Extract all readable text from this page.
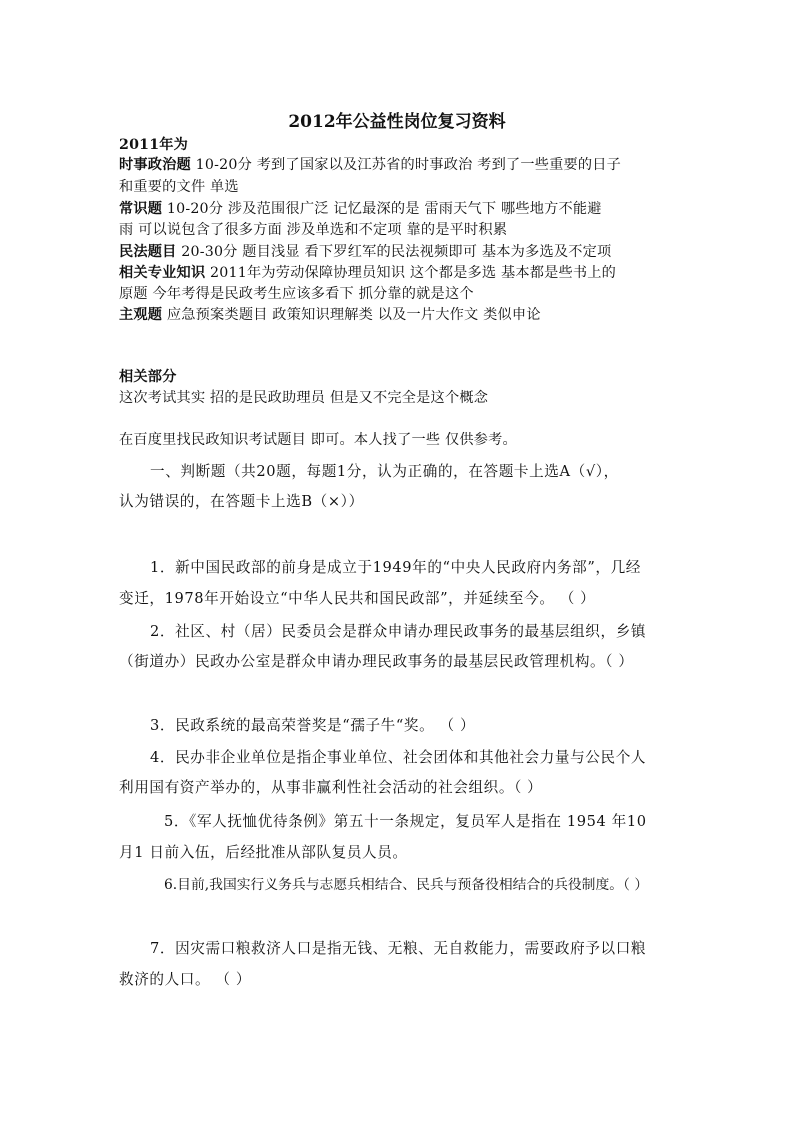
2012年公益性岗位复习资料
2011年为
时事政治题 10-20分 考到了国家以及江苏省的时事政治 考到了一些重要的日子
和重要的文件 单选
常识题 10-20分 涉及范围很广泛 记忆最深的是 雷雨天气下 哪些地方不能避
雨 可以说包含了很多方面 涉及单选和不定项 靠的是平时积累
民法题目 20-30分 题目浅显 看下罗红军的民法视频即可 基本为多选及不定项
相关专业知识 2011年为劳动保障协理员知识 这个都是多选 基本都是些书上的
原题 今年考得是民政考生应该多看下 抓分靠的就是这个
主观题 应急预案类题目 政策知识理解类 以及一片大作文 类似申论
相关部分
这次考试其实 招的是民政助理员 但是又不完全是这个概念
在百度里找民政知识考试题目 即可。本人找了一些 仅供参考。
一、判断题（共20题，每题1分，认为正确的，在答题卡上选A（√），
认为错误的，在答题卡上选B（×））
1．新中国民政部的前身是成立于1949年的“中央人民政府内务部”，几经
变迁，1978年开始设立“中华人民共和国民政部”，并延续至今。 （ ）
2．社区、村（居）民委员会是群众申请办理民政事务的最基层组织，乡镇
（街道办）民政办公室是群众申请办理民政事务的最基层民政管理机构。（ ）
3．民政系统的最高荣誉奖是“孺子牛“奖。 （ ）
4．民办非企业单位是指企事业单位、社会团体和其他社会力量与公民个人
利用国有资产举办的，从事非赢利性社会活动的社会组织。（ ）
5．《军人抚恤优待条例》第五十一条规定，复员军人是指在 1954 年10
月1 日前入伍，后经批准从部队复员人员。
6.目前,我国实行义务兵与志愿兵相结合、民兵与预备役相结合的兵役制度。（ ）
7．因灾需口粮救济人口是指无钱、无粮、无自救能力，需要政府予以口粮
救济的人口。 （ ）
